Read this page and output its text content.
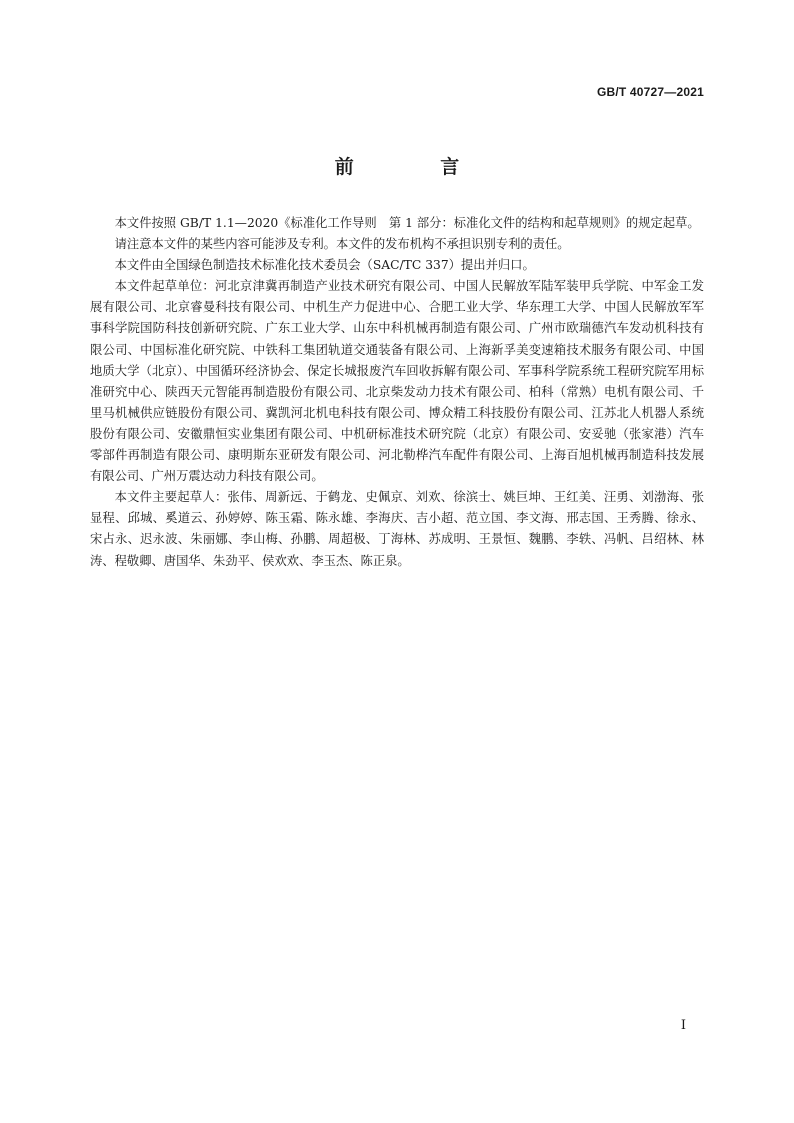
GB/T 40727—2021
前 言

本文件按照 GB/T 1.1—2020《标准化工作导则　第 1 部分：标准化文件的结构和起草规则》的规定起草。

请注意本文件的某些内容可能涉及专利。本文件的发布机构不承担识别专利的责任。

本文件由全国绿色制造技术标准化技术委员会（SAC/TC 337）提出并归口。

本文件起草单位：河北京津冀再制造产业技术研究有限公司、中国人民解放军陆军装甲兵学院、中军金工发展有限公司、北京睿曼科技有限公司、中机生产力促进中心、合肥工业大学、华东理工大学、中国人民解放军军事科学院国防科技创新研究院、广东工业大学、山东中科机械再制造有限公司、广州市欧瑞德汽车发动机科技有限公司、中国标准化研究院、中铁科工集团轨道交通装备有限公司、上海新孚美变速箱技术服务有限公司、中国地质大学（北京）、中国循环经济协会、保定长城报废汽车回收拆解有限公司、军事科学院系统工程研究院军用标准研究中心、陕西天元智能再制造股份有限公司、北京柴发动力技术有限公司、柏科（常熟）电机有限公司、千里马机械供应链股份有限公司、冀凯河北机电科技有限公司、博众精工科技股份有限公司、江苏北人机器人系统股份有限公司、安徽鼎恒实业集团有限公司、中机研标准技术研究院（北京）有限公司、安妥驰（张家港）汽车零部件再制造有限公司、康明斯东亚研发有限公司、河北勒桦汽车配件有限公司、上海百旭机械再制造科技发展有限公司、广州万震达动力科技有限公司。

本文件主要起草人：张伟、周新远、于鹤龙、史佩京、刘欢、徐滨士、姚巨坤、王红美、汪勇、刘渤海、张显程、邱城、奚道云、孙婷婷、陈玉霜、陈永雄、李海庆、吉小超、范立国、李文海、邢志国、王秀腾、徐永、宋占永、迟永波、朱丽娜、李山梅、孙鹏、周超极、丁海林、苏成明、王景恒、魏鹏、李轶、冯帆、吕绍林、林涛、程敬卿、唐国华、朱劲平、侯欢欢、李玉杰、陈正泉。

I
